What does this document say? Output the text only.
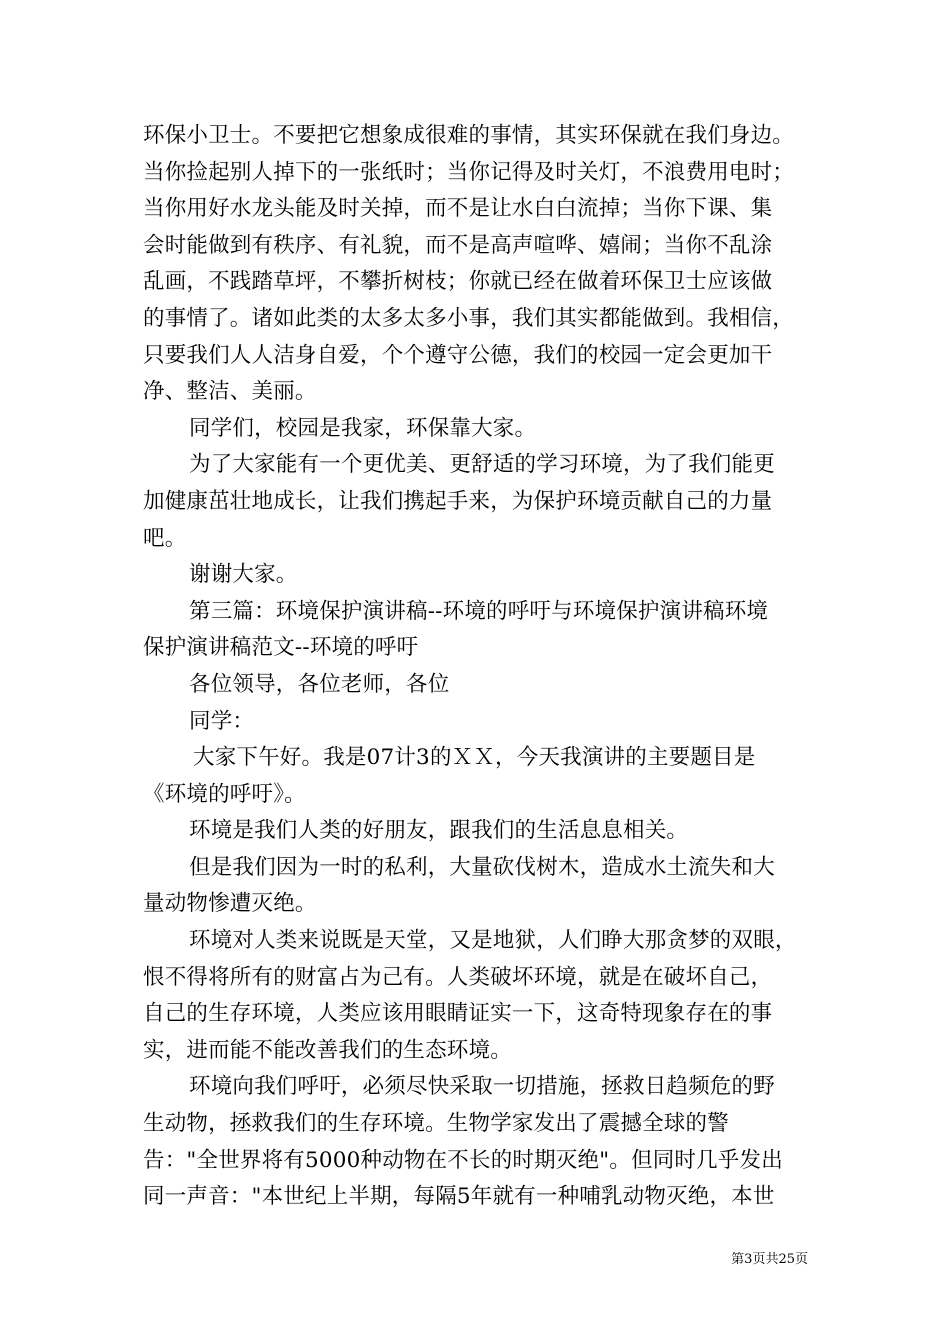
环保小卫士。不要把它想象成很难的事情，其实环保就在我们身边。
当你捡起别人掉下的一张纸时；当你记得及时关灯，不浪费用电时；
当你用好水龙头能及时关掉，而不是让水白白流掉；当你下课、集
会时能做到有秩序、有礼貌，而不是高声喧哗、嬉闹；当你不乱涂
乱画，不践踏草坪，不攀折树枝；你就已经在做着环保卫士应该做
的事情了。诸如此类的太多太多小事，我们其实都能做到。我相信，
只要我们人人洁身自爱，个个遵守公德，我们的校园一定会更加干
净、整洁、美丽。
同学们，校园是我家，环保靠大家。
为了大家能有一个更优美、更舒适的学习环境，为了我们能更
加健康茁壮地成长，让我们携起手来，为保护环境贡献自己的力量
吧。
谢谢大家。
第三篇：环境保护演讲稿--环境的呼吁与环境保护演讲稿环境
保护演讲稿范文--环境的呼吁
各位领导，各位老师，各位
同学：
大家下午好。我是07计3的ＸＸ，今天我演讲的主要题目是
《环境的呼吁》。
环境是我们人类的好朋友，跟我们的生活息息相关。
但是我们因为一时的私利，大量砍伐树木，造成水土流失和大
量动物惨遭灭绝。
环境对人类来说既是天堂，又是地狱，人们睁大那贪梦的双眼，
恨不得将所有的财富占为己有。人类破坏环境，就是在破坏自己，
自己的生存环境，人类应该用眼睛证实一下，这奇特现象存在的事
实，进而能不能改善我们的生态环境。
环境向我们呼吁，必须尽快采取一切措施，拯救日趋频危的野
生动物，拯救我们的生存环境。生物学家发出了震撼全球的警
告："全世界将有5000种动物在不长的时期灭绝"。但同时几乎发出
同一声音："本世纪上半期，每隔5年就有一种哺乳动物灭绝，本世
第3页共25页
